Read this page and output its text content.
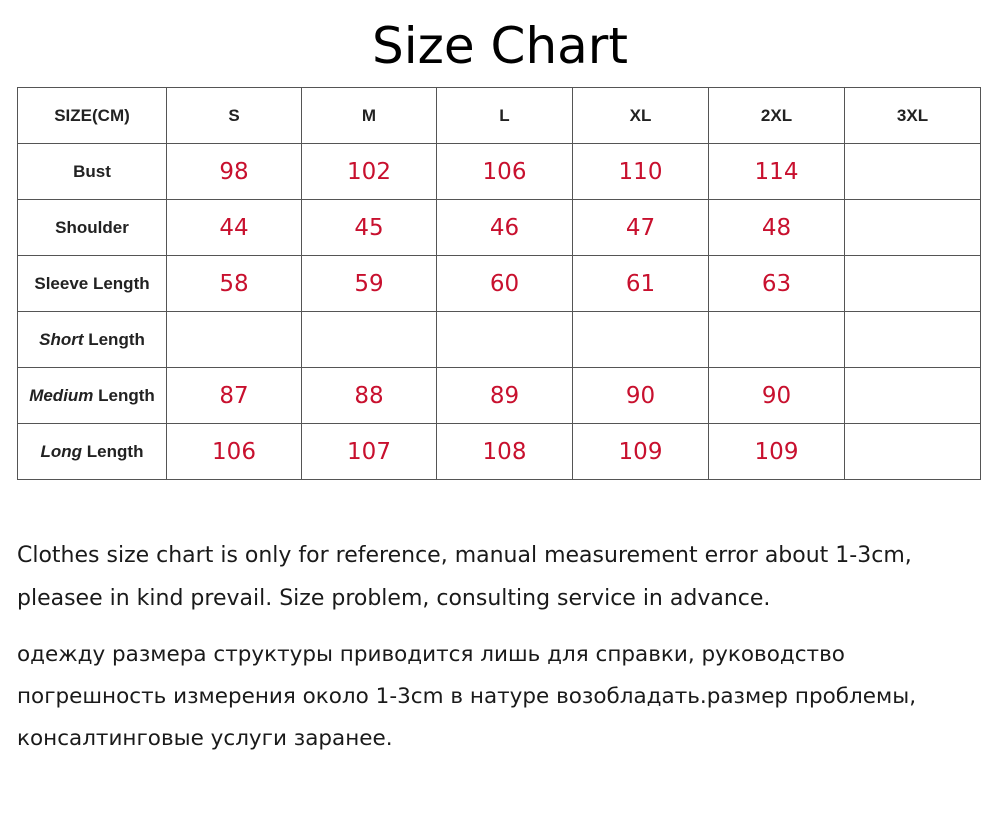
Size Chart
SIZE(CM)	S	M	L	XL	2XL	3XL
Bust	98	102	106	110	114	
Shoulder	44	45	46	47	48	
Sleeve Length	58	59	60	61	63	
Short Length						
Medium Length	87	88	89	90	90	
Long Length	106	107	108	109	109	

Clothes size chart is only for reference, manual measurement error about 1-3cm, pleasee in kind prevail. Size problem, consulting service in advance.

одежду размера структуры приводится лишь для справки, руководство погрешность измерения около 1-3cm в натуре возобладать.размер проблемы, консалтинговые услуги заранее.
